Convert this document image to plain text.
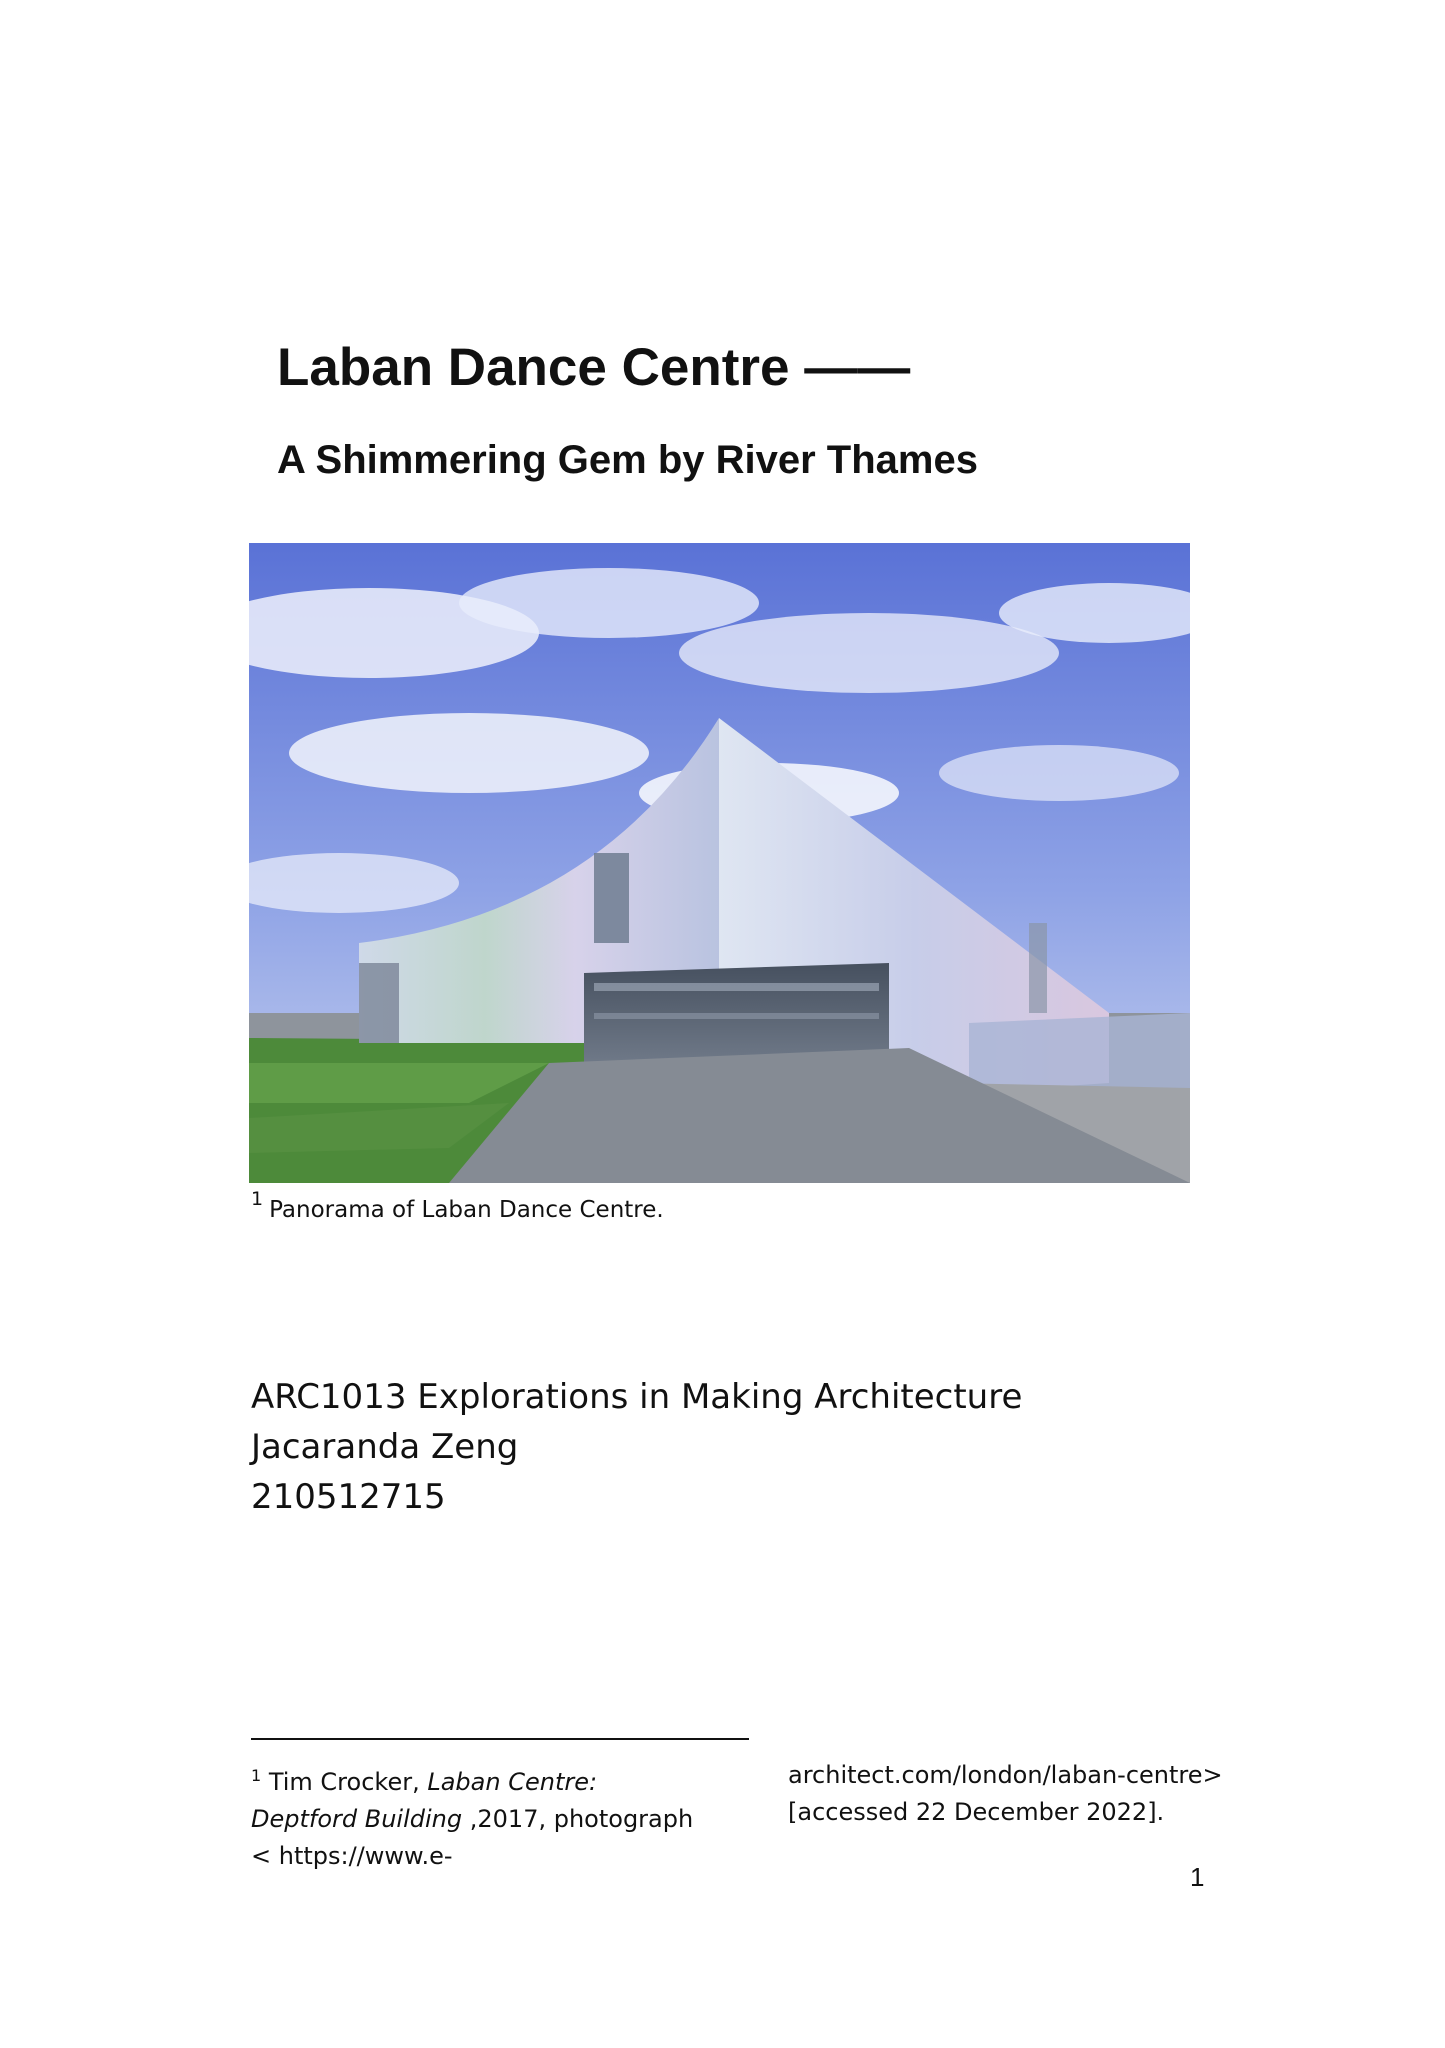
Laban Dance Centre ——
A Shimmering Gem by River Thames
$^1$ Panorama of Laban Dance Centre.
ARC1013 Explorations in Making Architecture
Jacaranda Zeng
210512715
$^1$ Tim Crocker, Laban Centre:
Deptford Building ,2017, photograph
< https://www.e-
architect.com/london/laban-centre>
[accessed 22 December 2022].
1
